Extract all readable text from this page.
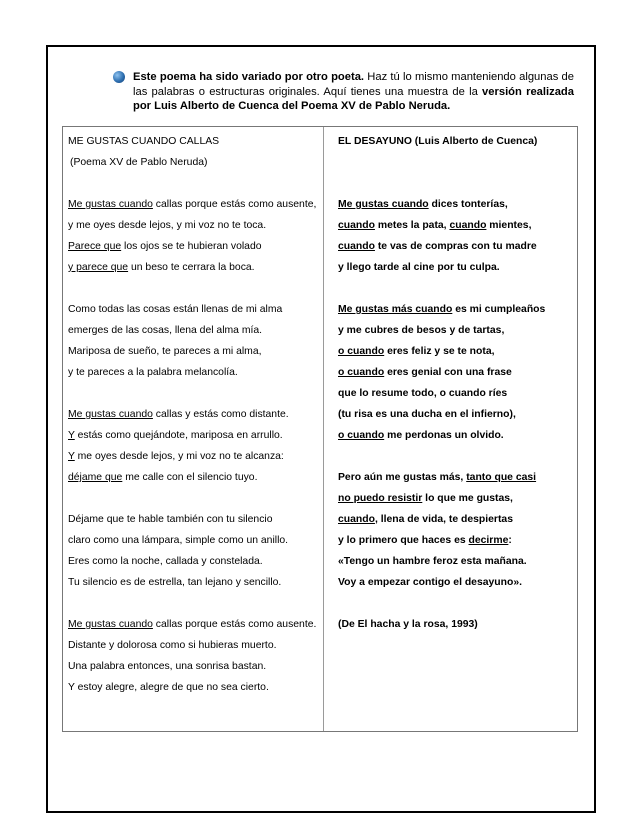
Este poema ha sido variado por otro poeta. Haz tú lo mismo manteniendo algunas de las palabras o estructuras originales. Aquí tienes una muestra de la versión realizada por Luis Alberto de Cuenca del Poema XV de Pablo Neruda.

ME GUSTAS CUANDO CALLAS
(Poema XV de Pablo Neruda)
Me gustas cuando callas porque estás como ausente,
y me oyes desde lejos, y mi voz no te toca.
Parece que los ojos se te hubieran volado
y parece que un beso te cerrara la boca.
Como todas las cosas están llenas de mi alma
emerges de las cosas, llena del alma mía.
Mariposa de sueño, te pareces a mi alma,
y te pareces a la palabra melancolía.
Me gustas cuando callas y estás como distante.
Y estás como quejándote, mariposa en arrullo.
Y me oyes desde lejos, y mi voz no te alcanza:
déjame que me calle con el silencio tuyo.
Déjame que te hable también con tu silencio
claro como una lámpara, simple como un anillo.
Eres como la noche, callada y constelada.
Tu silencio es de estrella, tan lejano y sencillo.
Me gustas cuando callas porque estás como ausente.
Distante y dolorosa como si hubieras muerto.
Una palabra entonces, una sonrisa bastan.
Y estoy alegre, alegre de que no sea cierto.
EL DESAYUNO (Luis Alberto de Cuenca)
Me gustas cuando dices tonterías,
cuando metes la pata, cuando mientes,
cuando te vas de compras con tu madre
y llego tarde al cine por tu culpa.
Me gustas más cuando es mi cumpleaños
y me cubres de besos y de tartas,
o cuando eres feliz y se te nota,
o cuando eres genial con una frase
que lo resume todo, o cuando ríes
(tu risa es una ducha en el infierno),
o cuando me perdonas un olvido.
Pero aún me gustas más, tanto que casi
no puedo resistir lo que me gustas,
cuando, llena de vida, te despiertas
y lo primero que haces es decirme:
«Tengo un hambre feroz esta mañana.
Voy a empezar contigo el desayuno».
(De El hacha y la rosa, 1993)
